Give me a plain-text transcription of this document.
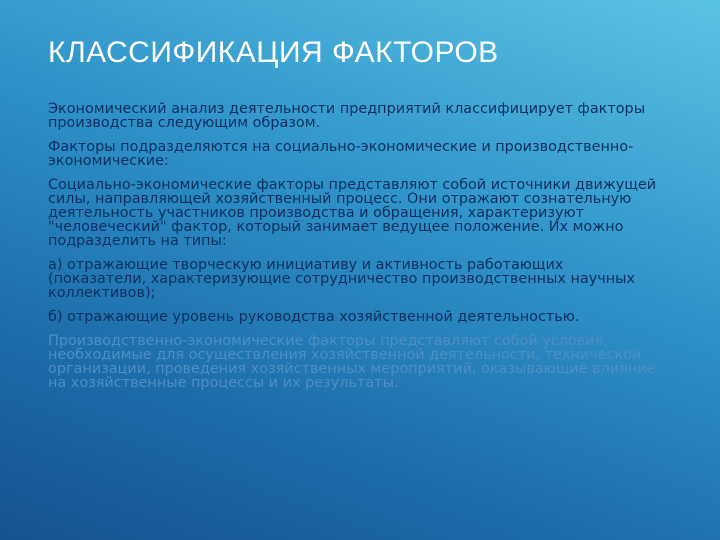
КЛАССИФИКАЦИЯ ФАКТОРОВ

Экономический анализ деятельности предприятий классифицирует факторы производства следующим образом.

Факторы подразделяются на социально-экономические и производственно-экономические:

Социально-экономические факторы представляют собой источники движущей силы, направляющей хозяйственный процесс. Они отражают сознательную деятельность участников производства и обращения, характеризуют "человеческий" фактор, который занимает ведущее положение. Их можно подразделить на типы:

а) отражающие творческую инициативу и активность работающих (показатели, характеризующие сотрудничество производственных научных коллективов);

б) отражающие уровень руководства хозяйственной деятельностью.

Производственно-экономические факторы представляют собой условия, необходимые для осуществления хозяйственной деятельности, технической организации, проведения хозяйственных мероприятий, оказывающие влияние на хозяйственные процессы и их результаты.
